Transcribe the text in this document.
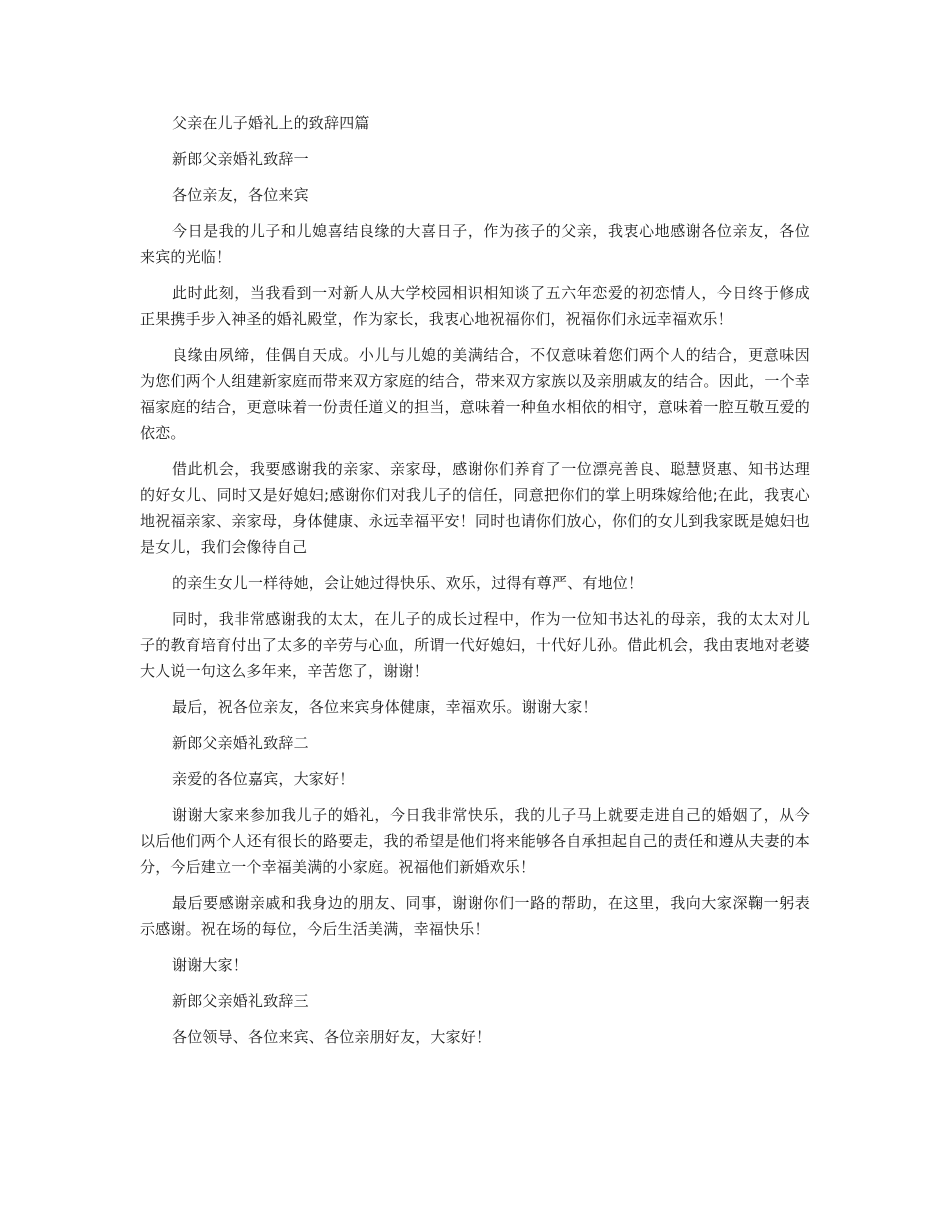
父亲在儿子婚礼上的致辞四篇

新郎父亲婚礼致辞一

各位亲友，各位来宾

今日是我的儿子和儿媳喜结良缘的大喜日子，作为孩子的父亲，我衷心地感谢各位亲友，各位来宾的光临！

此时此刻，当我看到一对新人从大学校园相识相知谈了五六年恋爱的初恋情人，今日终于修成正果携手步入神圣的婚礼殿堂，作为家长，我衷心地祝福你们，祝福你们永远幸福欢乐！

良缘由夙缔，佳偶自天成。小儿与儿媳的美满结合，不仅意味着您们两个人的结合，更意味因为您们两个人组建新家庭而带来双方家庭的结合，带来双方家族以及亲朋戚友的结合。因此，一个幸福家庭的结合，更意味着一份责任道义的担当，意味着一种鱼水相依的相守，意味着一腔互敬互爱的依恋。

借此机会，我要感谢我的亲家、亲家母，感谢你们养育了一位漂亮善良、聪慧贤惠、知书达理的好女儿、同时又是好媳妇;感谢你们对我儿子的信任，同意把你们的掌上明珠嫁给他;在此，我衷心地祝福亲家、亲家母，身体健康、永远幸福平安！同时也请你们放心，你们的女儿到我家既是媳妇也是女儿，我们会像待自己

的亲生女儿一样待她，会让她过得快乐、欢乐，过得有尊严、有地位！

同时，我非常感谢我的太太，在儿子的成长过程中，作为一位知书达礼的母亲，我的太太对儿子的教育培育付出了太多的辛劳与心血，所谓一代好媳妇，十代好儿孙。借此机会，我由衷地对老婆大人说一句这么多年来，辛苦您了，谢谢！

最后，祝各位亲友，各位来宾身体健康，幸福欢乐。谢谢大家！

新郎父亲婚礼致辞二

亲爱的各位嘉宾，大家好！

谢谢大家来参加我儿子的婚礼，今日我非常快乐，我的儿子马上就要走进自己的婚姻了，从今以后他们两个人还有很长的路要走，我的希望是他们将来能够各自承担起自己的责任和遵从夫妻的本分，今后建立一个幸福美满的小家庭。祝福他们新婚欢乐！

最后要感谢亲戚和我身边的朋友、同事，谢谢你们一路的帮助，在这里，我向大家深鞠一躬表示感谢。祝在场的每位，今后生活美满，幸福快乐！

谢谢大家！

新郎父亲婚礼致辞三

各位领导、各位来宾、各位亲朋好友，大家好！
